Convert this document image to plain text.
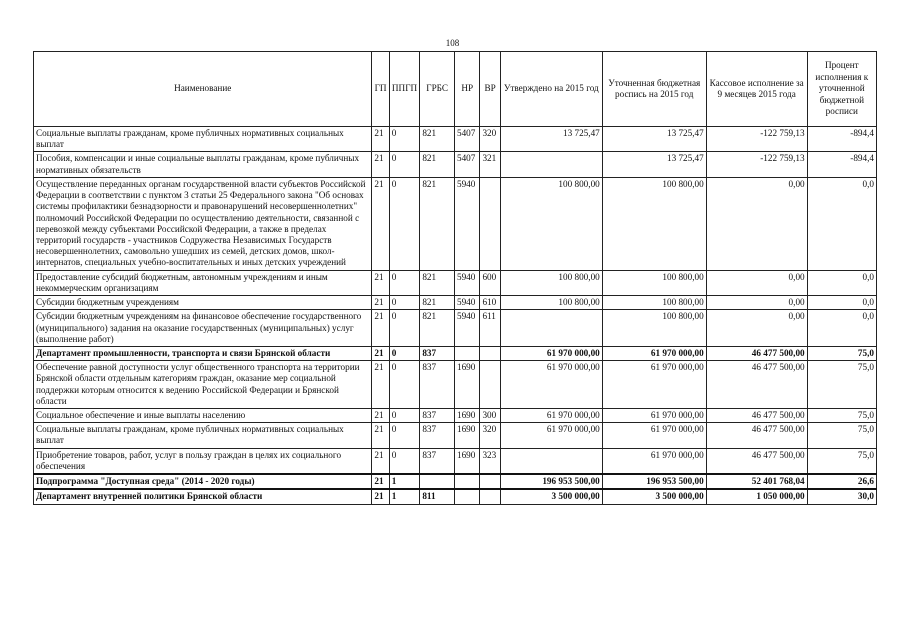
108
Наименование	ГП	ППГП	ГРБС	НР	ВР	Утверждено на 2015 год	Уточненная бюджетная роспись на 2015 год	Кассовое исполнение за 9 месяцев 2015 года	Процент исполнения к уточненной бюджетной росписи
Социальные выплаты гражданам, кроме публичных нормативных социальных выплат	21	0	821	5407	320	13 725,47	13 725,47	-122 759,13	-894,4
Пособия, компенсации и иные социальные выплаты гражданам, кроме публичных нормативных обязательств	21	0	821	5407	321		13 725,47	-122 759,13	-894,4
Осуществление переданных органам государственной власти субъектов Российской Федерации в соответствии с пунктом 3 статьи 25 Федерального закона "Об основах системы профилактики безнадзорности и правонарушений несовершеннолетних" полномочий Российской Федерации по осуществлению деятельности, связанной с перевозкой между субъектами Российской Федерации, а также в пределах территорий государств - участников Содружества Независимых Государств несовершеннолетних, самовольно ушедших из семей, детских домов, школ-интернатов, специальных учебно-воспитательных и иных детских учреждений	21	0	821	5940		100 800,00	100 800,00	0,00	0,0
Предоставление субсидий бюджетным, автономным учреждениям и иным некоммерческим организациям	21	0	821	5940	600	100 800,00	100 800,00	0,00	0,0
Субсидии бюджетным учреждениям	21	0	821	5940	610	100 800,00	100 800,00	0,00	0,0
Субсидии бюджетным учреждениям на финансовое обеспечение государственного (муниципального) задания на оказание государственных (муниципальных) услуг (выполнение работ)	21	0	821	5940	611		100 800,00	0,00	0,0
Департамент промышленности, транспорта и связи Брянской области	21	0	837			61 970 000,00	61 970 000,00	46 477 500,00	75,0
Обеспечение равной доступности услуг общественного транспорта на территории Брянской области отдельным категориям граждан, оказание мер социальной поддержки которым относится к ведению Российской Федерации и Брянской области	21	0	837	1690		61 970 000,00	61 970 000,00	46 477 500,00	75,0
Социальное обеспечение и иные выплаты населению	21	0	837	1690	300	61 970 000,00	61 970 000,00	46 477 500,00	75,0
Социальные выплаты гражданам, кроме публичных нормативных социальных выплат	21	0	837	1690	320	61 970 000,00	61 970 000,00	46 477 500,00	75,0
Приобретение товаров, работ, услуг в пользу граждан в целях их социального обеспечения	21	0	837	1690	323		61 970 000,00	46 477 500,00	75,0
Подпрограмма "Доступная среда" (2014 - 2020 годы)	21	1				196 953 500,00	196 953 500,00	52 401 768,04	26,6
Департамент внутренней политики Брянской области	21	1	811			3 500 000,00	3 500 000,00	1 050 000,00	30,0
